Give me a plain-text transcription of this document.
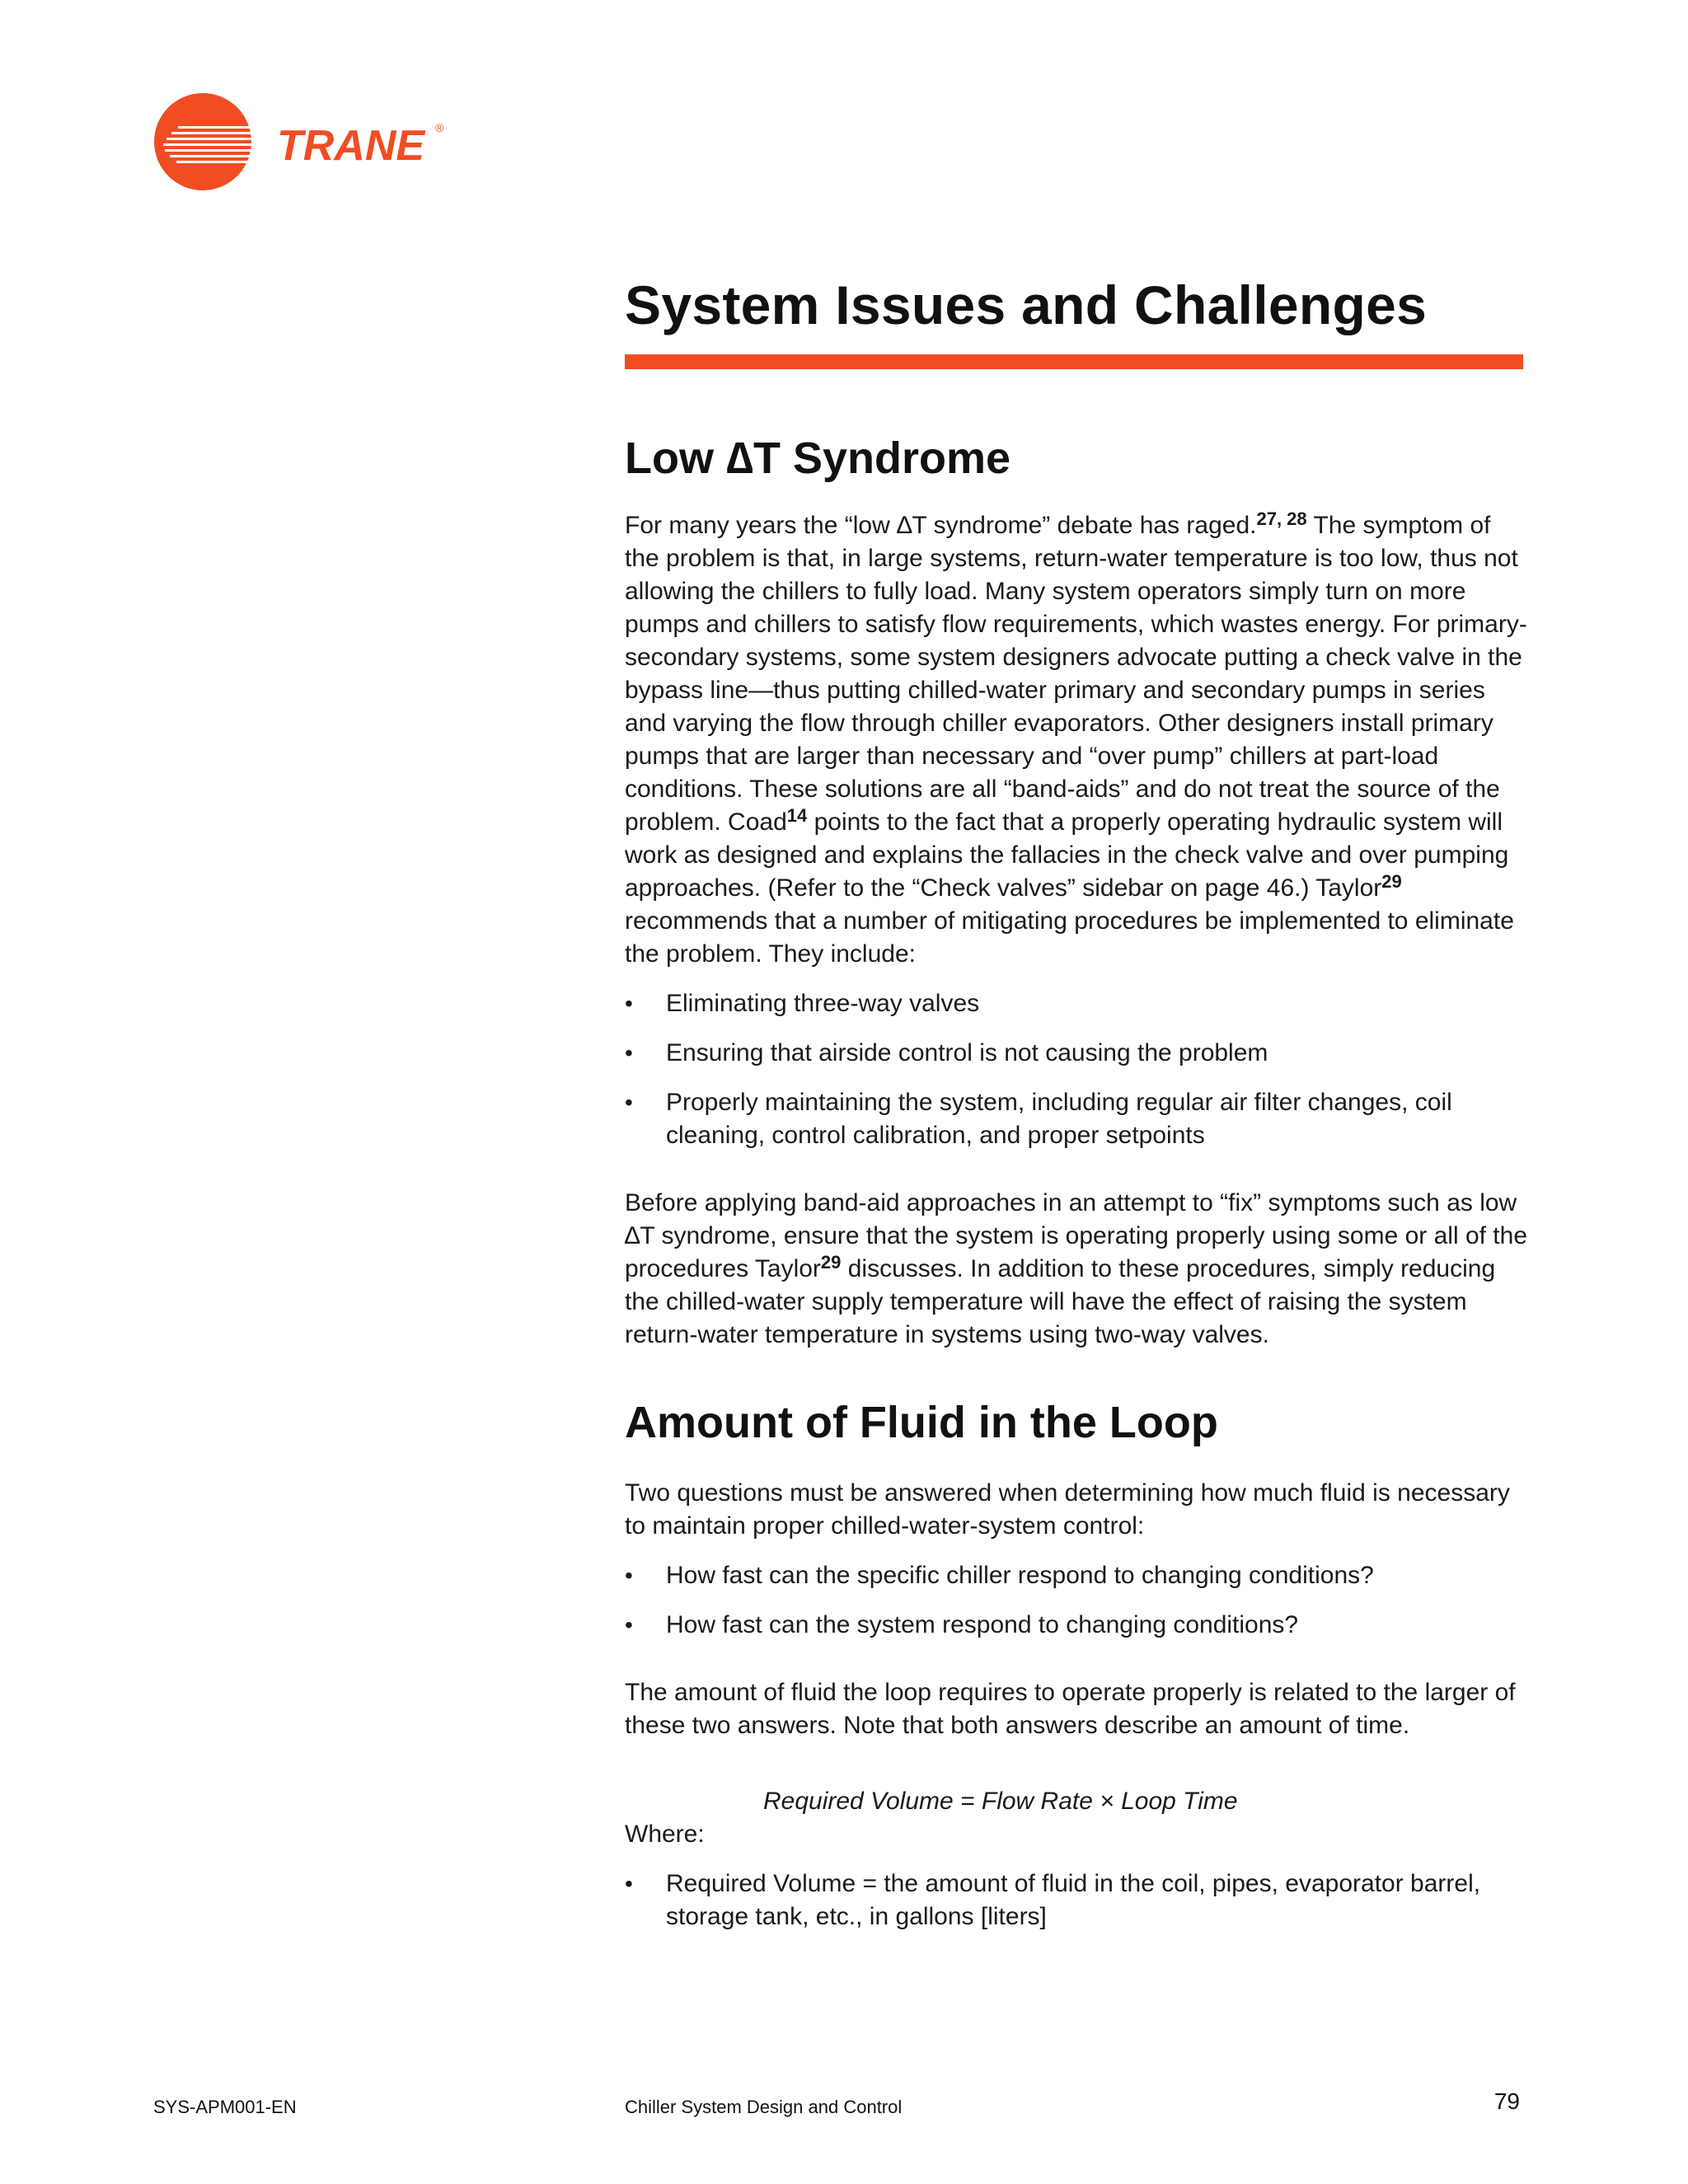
TRANE ®
System Issues and Challenges
Low ∆T Syndrome

For many years the “low ∆T syndrome” debate has raged.$^{27, 28}$ The symptom of the problem is that, in large systems, return-water temperature is too low, thus not allowing the chillers to fully load. Many system operators simply turn on more pumps and chillers to satisfy flow requirements, which wastes energy. For primary-secondary systems, some system designers advocate putting a check valve in the bypass line—thus putting chilled-water primary and secondary pumps in series and varying the flow through chiller evaporators. Other designers install primary pumps that are larger than necessary and “over pump” chillers at part-load conditions. These solutions are all “band-aids” and do not treat the source of the problem. Coad$^{14}$ points to the fact that a properly operating hydraulic system will work as designed and explains the fallacies in the check valve and over pumping approaches. (Refer to the “Check valves” sidebar on page 46.) Taylor$^{29}$ recommends that a number of mitigating procedures be implemented to eliminate the problem. They include:

• Eliminating three-way valves
• Ensuring that airside control is not causing the problem
• Properly maintaining the system, including regular air filter changes, coil cleaning, control calibration, and proper setpoints

Before applying band-aid approaches in an attempt to “fix” symptoms such as low ∆T syndrome, ensure that the system is operating properly using some or all of the procedures Taylor$^{29}$ discusses. In addition to these procedures, simply reducing the chilled-water supply temperature will have the effect of raising the system return-water temperature in systems using two-way valves.

Amount of Fluid in the Loop

Two questions must be answered when determining how much fluid is necessary to maintain proper chilled-water-system control:

• How fast can the specific chiller respond to changing conditions?
• How fast can the system respond to changing conditions?

The amount of fluid the loop requires to operate properly is related to the larger of these two answers. Note that both answers describe an amount of time.

Required Volume = Flow Rate × Loop Time

Where:

• Required Volume = the amount of fluid in the coil, pipes, evaporator barrel, storage tank, etc., in gallons [liters]
SYS-APM001-EN	Chiller System Design and Control	79
